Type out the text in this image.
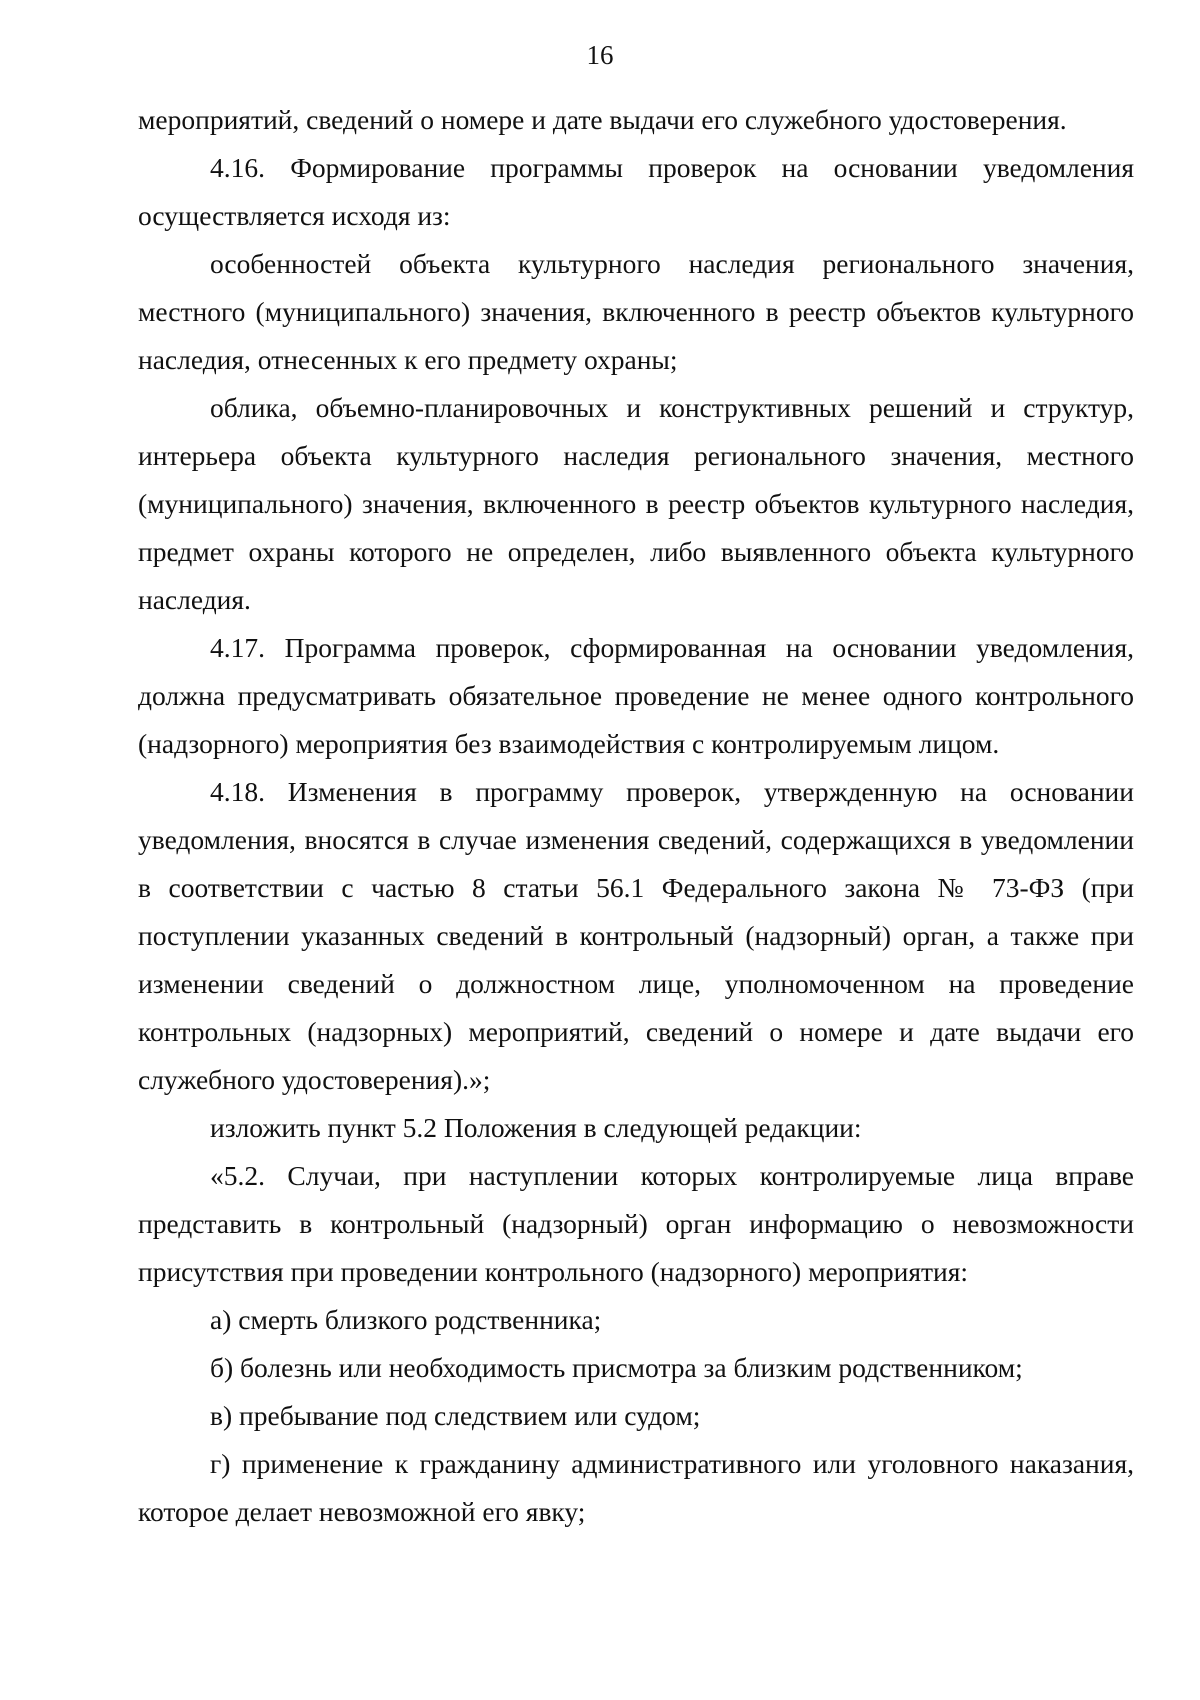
16

мероприятий, сведений о номере и дате выдачи его служебного удостоверения.

4.16. Формирование программы проверок на основании уведомления осуществляется исходя из:

особенностей объекта культурного наследия регионального значения, местного (муниципального) значения, включенного в реестр объектов культурного наследия, отнесенных к его предмету охраны;

облика, объемно-планировочных и конструктивных решений и структур, интерьера объекта культурного наследия регионального значения, местного (муниципального) значения, включенного в реестр объектов культурного наследия, предмет охраны которого не определен, либо выявленного объекта культурного наследия.

4.17. Программа проверок, сформированная на основании уведомления, должна предусматривать обязательное проведение не менее одного контрольного (надзорного) мероприятия без взаимодействия с контролируемым лицом.

4.18. Изменения в программу проверок, утвержденную на основании уведомления, вносятся в случае изменения сведений, содержащихся в уведомлении в соответствии с частью 8 статьи 56.1 Федерального закона № 73-ФЗ (при поступлении указанных сведений в контрольный (надзорный) орган, а также при изменении сведений о должностном лице, уполномоченном на проведение контрольных (надзорных) мероприятий, сведений о номере и дате выдачи его служебного удостоверения).»;

изложить пункт 5.2 Положения в следующей редакции:

«5.2. Случаи, при наступлении которых контролируемые лица вправе представить в контрольный (надзорный) орган информацию о невозможности присутствия при проведении контрольного (надзорного) мероприятия:

а) смерть близкого родственника;

б) болезнь или необходимость присмотра за близким родственником;

в) пребывание под следствием или судом;

г) применение к гражданину административного или уголовного наказания, которое делает невозможной его явку;
